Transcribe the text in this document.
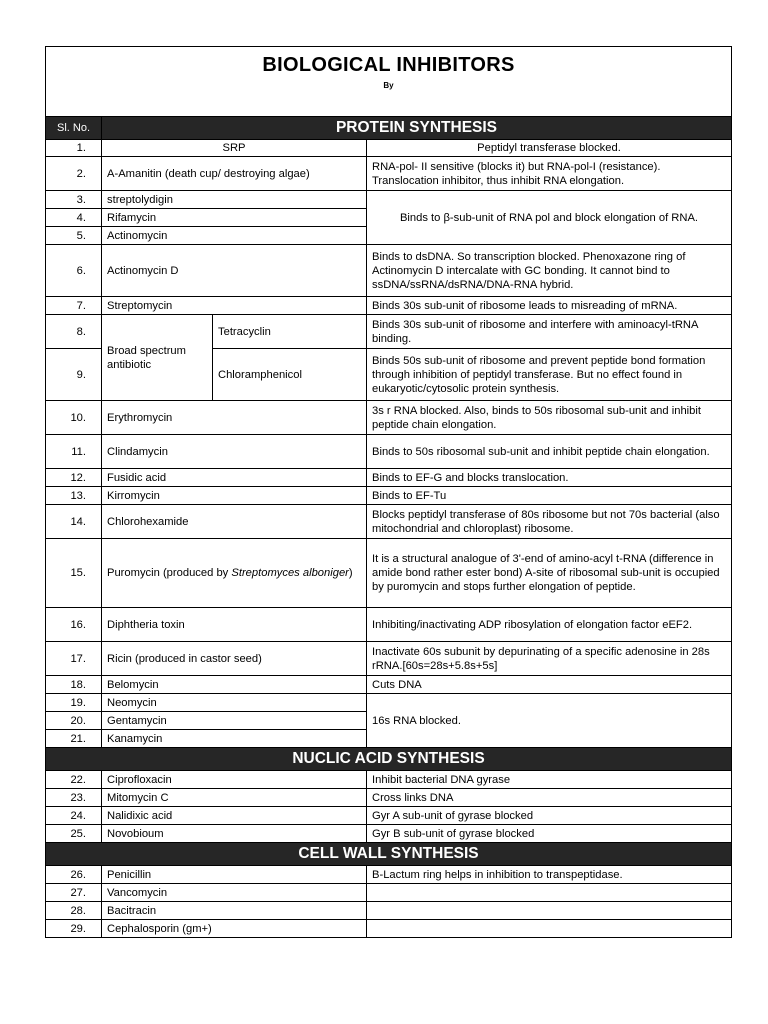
BIOLOGICAL INHIBITORS
By			

Sl. No.	PROTEIN SYNTHESIS		
1.	SRP		Peptidyl transferase blocked.
2.	A-Amanitin (death cup/ destroying algae)		RNA-pol- II sensitive (blocks it) but RNA-pol-I (resistance). Translocation inhibitor, thus inhibit RNA elongation.
3.	streptolydigin		Binds to β-sub-unit of RNA pol and block elongation of RNA.
4.	Rifamycin		
5.	Actinomycin		
6.	Actinomycin D		Binds to dsDNA. So transcription blocked. Phenoxazone ring of Actinomycin D intercalate with GC bonding. It cannot bind to ssDNA/ssRNA/dsRNA/DNA-RNA hybrid.
7.	Streptomycin		Binds 30s sub-unit of ribosome leads to misreading of mRNA.
8.	Broad spectrum antibiotic	Tetracyclin	Binds 30s sub-unit of ribosome and interfere with aminoacyl-tRNA binding.
9.		Chloramphenicol	Binds 50s sub-unit of ribosome and prevent peptide bond formation through inhibition of peptidyl transferase. But no effect found in eukaryotic/cytosolic protein synthesis.
10.	Erythromycin		3s r RNA blocked. Also, binds to 50s ribosomal sub-unit and inhibit peptide chain elongation.
11.	Clindamycin		Binds to 50s ribosomal sub-unit and inhibit peptide chain elongation.
12.	Fusidic acid		Binds to EF-G and blocks translocation.
13.	Kirromycin		Binds to EF-Tu
14.	Chlorohexamide		Blocks peptidyl transferase of 80s ribosome but not 70s bacterial (also mitochondrial and chloroplast) ribosome.
15.	Puromycin (produced by Streptomyces alboniger)		It is a structural analogue of 3'-end of amino-acyl t-RNA (difference in amide bond rather ester bond) A-site of ribosomal sub-unit is occupied by puromycin and stops further elongation of peptide.
16.	Diphtheria toxin		Inhibiting/inactivating ADP ribosylation of elongation factor eEF2.
17.	Ricin (produced in castor seed)		Inactivate 60s subunit by depurinating of a specific adenosine in 28s rRNA.[60s=28s+5.8s+5s]
18.	Belomycin		Cuts DNA
19.	Neomycin		16s RNA blocked.
20.	Gentamycin		
21.	Kanamycin		
NUCLIC ACID SYNTHESIS			
22.	Ciprofloxacin		Inhibit bacterial DNA gyrase
23.	Mitomycin C		Cross links DNA
24.	Nalidixic acid		Gyr A sub-unit of gyrase blocked
25.	Novobioum		Gyr B sub-unit of gyrase blocked
CELL WALL SYNTHESIS			
26.	Penicillin		B-Lactum ring helps in inhibition to transpeptidase.
27.	Vancomycin		
28.	Bacitracin		
29.	Cephalosporin (gm+)		
